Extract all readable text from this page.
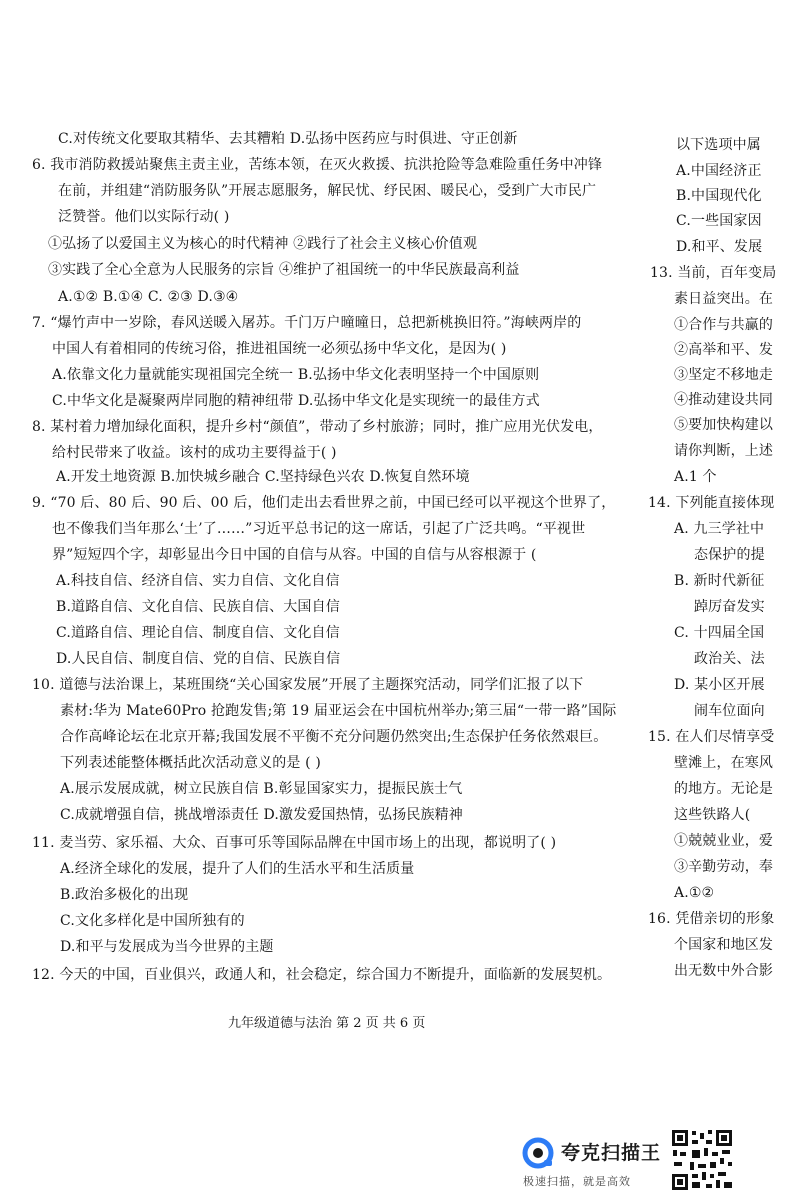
C.对传统文化要取其精华、去其糟粕 D.弘扬中医药应与时俱进、守正创新
6. 我市消防救援站聚焦主责主业，苦练本领，在灭火救援、抗洪抢险等急难险重任务中冲锋
在前，并组建“消防服务队”开展志愿服务，解民忧、纾民困、暖民心，受到广大市民广
泛赞誉。他们以实际行动( )
①弘扬了以爱国主义为核心的时代精神 ②践行了社会主义核心价值观
③实践了全心全意为人民服务的宗旨 ④维护了祖国统一的中华民族最高利益
A.①② B.①④ C. ②③ D.③④
7. “爆竹声中一岁除，春风送暖入屠苏。千门万户曈曈日，总把新桃换旧符。”海峡两岸的
中国人有着相同的传统习俗，推进祖国统一必须弘扬中华文化，是因为( )
A.依靠文化力量就能实现祖国完全统一 B.弘扬中华文化表明坚持一个中国原则
C.中华文化是凝聚两岸同胞的精神纽带 D.弘扬中华文化是实现统一的最佳方式
8. 某村着力增加绿化面积，提升乡村“颜值”，带动了乡村旅游；同时，推广应用光伏发电，
给村民带来了收益。该村的成功主要得益于( )
A.开发土地资源 B.加快城乡融合 C.坚持绿色兴农 D.恢复自然环境
9. “70 后、80 后、90 后、00 后，他们走出去看世界之前，中国已经可以平视这个世界了，
也不像我们当年那么‘土’了……”习近平总书记的这一席话，引起了广泛共鸣。“平视世
界”短短四个字，却彰显出今日中国的自信与从容。中国的自信与从容根源于 (
A.科技自信、经济自信、实力自信、文化自信
B.道路自信、文化自信、民族自信、大国自信
C.道路自信、理论自信、制度自信、文化自信
D.人民自信、制度自信、党的自信、民族自信
10. 道德与法治课上，某班围绕“关心国家发展”开展了主题探究活动，同学们汇报了以下
素材:华为 Mate60Pro 抢跑发售;第 19 届亚运会在中国杭州举办;第三届“一带一路”国际
合作高峰论坛在北京开幕;我国发展不平衡不充分问题仍然突出;生态保护任务依然艰巨。
下列表述能整体概括此次活动意义的是 ( )
A.展示发展成就，树立民族自信 B.彰显国家实力，提振民族士气
C.成就增强自信，挑战增添责任 D.激发爱国热情，弘扬民族精神
11. 麦当劳、家乐福、大众、百事可乐等国际品牌在中国市场上的出现，都说明了( )
A.经济全球化的发展，提升了人们的生活水平和生活质量
B.政治多极化的出现
C.文化多样化是中国所独有的
D.和平与发展成为当今世界的主题
12. 今天的中国，百业俱兴，政通人和，社会稳定，综合国力不断提升，面临新的发展契机。
九年级道德与法治 第 2 页 共 6 页
以下选项中属
A.中国经济正
B.中国现代化
C.一些国家因
D.和平、发展
13. 当前，百年变局
素日益突出。在
①合作与共赢的
②高举和平、发
③坚定不移地走
④推动建设共同
⑤要加快构建以
请你判断，上述
A.1 个
14. 下列能直接体现
A. 九三学社中
态保护的提
B. 新时代新征
踔厉奋发实
C. 十四届全国
政治关、法
D. 某小区开展
闹车位面向
15. 在人们尽情享受
壁滩上，在寒风
的地方。无论是
这些铁路人(
①兢兢业业，爱
③辛勤劳动，奉
A.①②
16. 凭借亲切的形象
个国家和地区发
出无数中外合影
夸克扫描王
极速扫描，就是高效
